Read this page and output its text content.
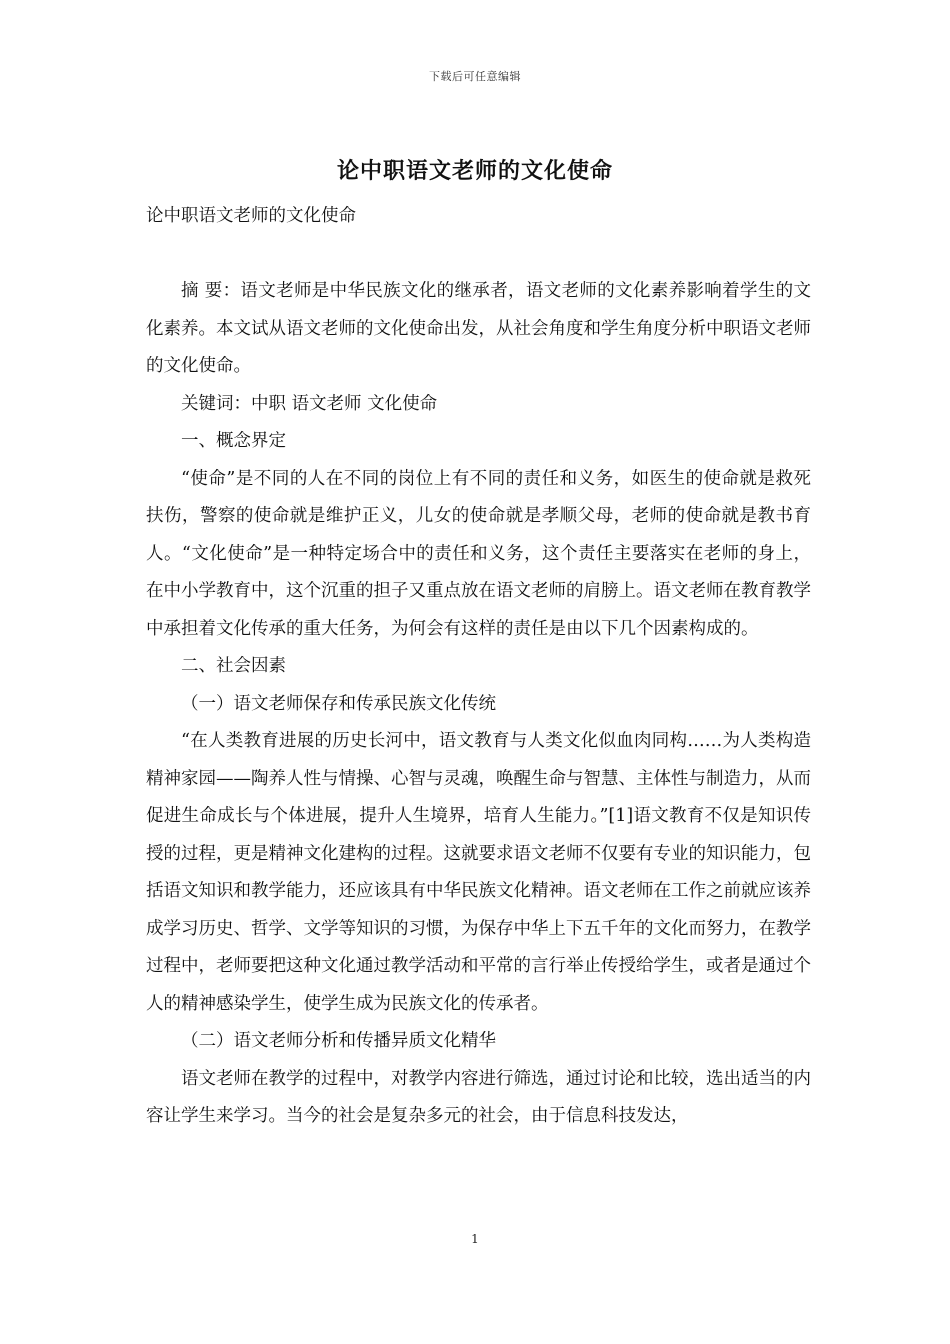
下载后可任意编辑
论中职语文老师的文化使命

论中职语文老师的文化使命

摘 要：语文老师是中华民族文化的继承者，语文老师的文化素养影响着学生的文化素养。本文试从语文老师的文化使命出发，从社会角度和学生角度分析中职语文老师的文化使命。

关键词：中职 语文老师 文化使命

一、概念界定

“使命”是不同的人在不同的岗位上有不同的责任和义务，如医生的使命就是救死扶伤，警察的使命就是维护正义，儿女的使命就是孝顺父母，老师的使命就是教书育人。“文化使命”是一种特定场合中的责任和义务，这个责任主要落实在老师的身上，在中小学教育中，这个沉重的担子又重点放在语文老师的肩膀上。语文老师在教育教学中承担着文化传承的重大任务，为何会有这样的责任是由以下几个因素构成的。

二、社会因素

（一）语文老师保存和传承民族文化传统

“在人类教育进展的历史长河中，语文教育与人类文化似血肉同构……为人类构造精神家园——陶养人性与情操、心智与灵魂，唤醒生命与智慧、主体性与制造力，从而促进生命成长与个体进展，提升人生境界，培育人生能力。”[1]语文教育不仅是知识传授的过程，更是精神文化建构的过程。这就要求语文老师不仅要有专业的知识能力，包括语文知识和教学能力，还应该具有中华民族文化精神。语文老师在工作之前就应该养成学习历史、哲学、文学等知识的习惯，为保存中华上下五千年的文化而努力，在教学过程中，老师要把这种文化通过教学活动和平常的言行举止传授给学生，或者是通过个人的精神感染学生，使学生成为民族文化的传承者。

（二）语文老师分析和传播异质文化精华

语文老师在教学的过程中，对教学内容进行筛选，通过讨论和比较，选出适当的内容让学生来学习。当今的社会是复杂多元的社会，由于信息科技发达，

1
